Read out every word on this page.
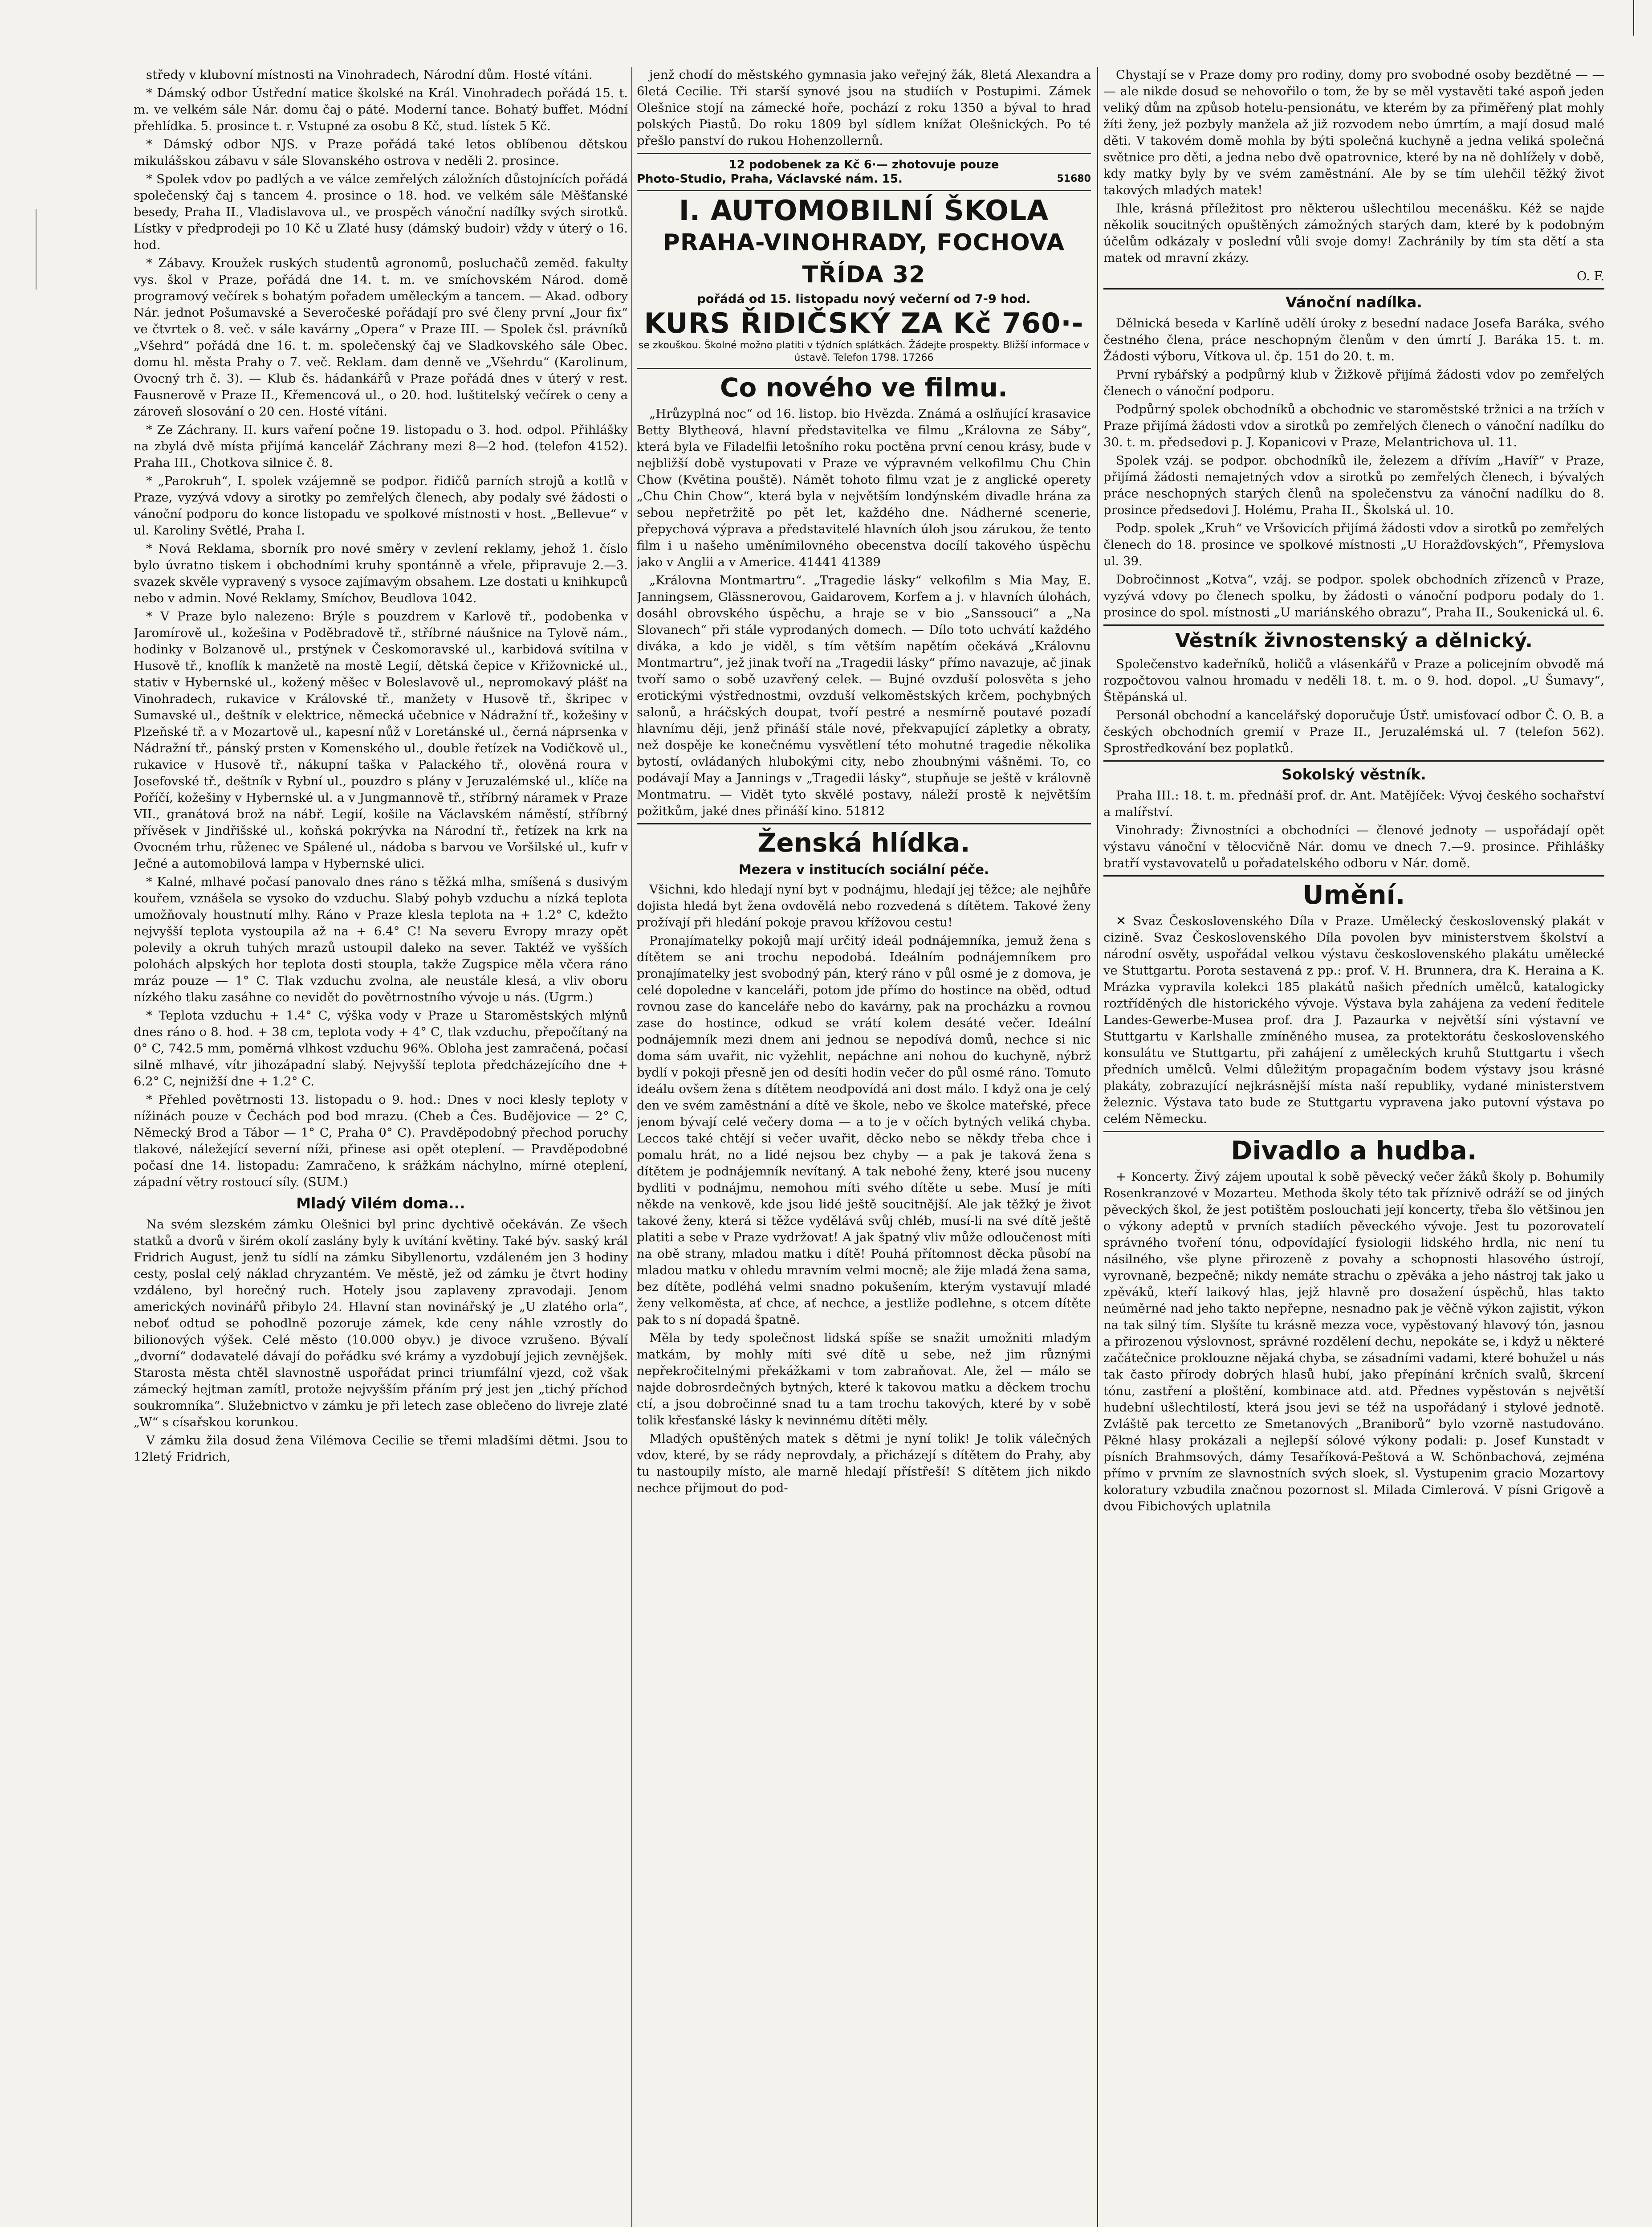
středy v klubovní místnosti na Vinohradech, Národní dům. Hosté vítáni.

* Dámský odbor Ústřední matice školské na Král. Vinohradech pořádá 15. t. m. ve velkém sále Nár. domu čaj o páté. Moderní tance. Bohatý buffet. Módní přehlídka. 5. prosince t. r. Vstupné za osobu 8 Kč, stud. lístek 5 Kč.

* Dámský odbor NJS. v Praze pořádá také letos oblíbenou dětskou mikulášskou zábavu v sále Slovanského ostrova v neděli 2. prosince.

* Spolek vdov po padlých a ve válce zemřelých záložních důstojnících pořádá společenský čaj s tancem 4. prosince o 18. hod. ve velkém sále Měšťanské besedy, Praha II., Vladislavova ul., ve prospěch vánoční nadílky svých sirotků. Lístky v předprodeji po 10 Kč u Zlaté husy (dámský budoir) vždy v úterý o 16. hod.

* Zábavy. Kroužek ruských studentů agronomů, posluchačů zeměd. fakulty vys. škol v Praze, pořádá dne 14. t. m. ve smíchovském Národ. domě programový večírek s bohatým pořadem uměleckým a tancem. — Akad. odbory Nár. jednot Pošumavské a Severočeské pořádají pro své členy první „Jour fix“ ve čtvrtek o 8. več. v sále kavárny „Opera“ v Praze III. — Spolek čsl. právníků „Všehrd“ pořádá dne 16. t. m. společenský čaj ve Sladkovského sále Obec. domu hl. města Prahy o 7. več. Reklam. dam denně ve „Všehrdu“ (Karolinum, Ovocný trh č. 3). — Klub čs. hádankářů v Praze pořádá dnes v úterý v rest. Fausnerově v Praze II., Křemencová ul., o 20. hod. luštitelský večírek o ceny a zároveň slosování o 20 cen. Hosté vítáni.

* Ze Záchrany. II. kurs vaření počne 19. listopadu o 3. hod. odpol. Přihlášky na zbylá dvě místa přijímá kancelář Záchrany mezi 8—2 hod. (telefon 4152). Praha III., Chotkova silnice č. 8.

* „Parokruh“, I. spolek vzájemně se podpor. řidičů parních strojů a kotlů v Praze, vyzývá vdovy a sirotky po zemřelých členech, aby podaly své žádosti o vánoční podporu do konce listopadu ve spolkové místnosti v host. „Bellevue“ v ul. Karoliny Světlé, Praha I.

* Nová Reklama, sborník pro nové směry v zevlení reklamy, jehož 1. číslo bylo úvratno tiskem i obchodními kruhy spontánně a vřele, připravuje 2.—3. svazek skvěle vypravený s vysoce zajímavým obsahem. Lze dostati u knihkupců nebo v admin. Nové Reklamy, Smíchov, Beudlova 1042.

* V Praze bylo nalezeno: Brýle s pouzdrem v Karlově tř., podobenka v Jaromírově ul., kožešina v Poděbradově tř., stříbrné náušnice na Tylově nám., hodinky v Bolzanově ul., prstýnek v Českomoravské ul., karbidová svítilna v Husově tř., knoflík k manžetě na mostě Legií, dětská čepice v Křižovnické ul., stativ v Hybernské ul., kožený měšec v Boleslavově ul., nepromokavý plášť na Vinohradech, rukavice v Královské tř., manžety v Husově tř., škripec v Sumavské ul., deštník v elektrice, německá učebnice v Nádražní tř., kožešiny v Plzeňské tř. a v Mozartově ul., kapesní nůž v Loretánské ul., černá náprsenka v Nádražní tř., pánský prsten v Komenského ul., double řetízek na Vodičkově ul., rukavice v Husově tř., nákupní taška v Palackého tř., olověná rourа v Josefovské tř., deštník v Rybní ul., pouzdro s plány v Jeruzalémské ul., klíče na Poříčí, kožešiny v Hybernské ul. a v Jungmannově tř., stříbrný náramek v Praze VII., granátová brož na nábř. Legií, košile na Václavském náměstí, stříbrný přívěsek v Jindřišské ul., koňská pokrývka na Národní tř., řetízek na krk na Ovocném trhu, růženec ve Spálené ul., nádoba s barvou ve Voršilské ul., kufr v Ječné a automobilová lampa v Hybernské ulici.

* Kalné, mlhavé počasí panovalo dnes ráno s těžká mlha, smíšená s dusivým kouřem, vznášela se vysoko do vzduchu. Slabý pohyb vzduchu a nízká teplota umožňovaly houstnutí mlhy. Ráno v Praze klesla teplota na + 1.2° C, kdežto nejvyšší teplota vystoupila až na + 6.4° C! Na severu Evropy mrazy opět polevily a okruh tuhých mrazů ustoupil daleko na sever. Taktéž ve vyšších polohách alpských hor teplota dosti stoupla, takže Zugspice měla včera ráno mráz pouze — 1° C. Tlak vzduchu zvolna, ale neustále klesá, a vliv oboru nízkého tlaku zasáhne co nevidět do povětrnostního vývoje u nás. (Ugrm.)

* Teplota vzduchu + 1.4° C, výška vody v Praze u Staroměstských mlýnů dnes ráno o 8. hod. + 38 cm, teplota vody + 4° C, tlak vzduchu, přepočítaný na 0° C, 742.5 mm, poměrná vlhkost vzduchu 96%. Obloha jest zamračená, počasí silně mlhavé, vítr jihozápadní slabý. Nejvyšší teplota předcházejícího dne + 6.2° C, nejnižší dne + 1.2° C.

* Přehled povětrnosti 13. listopadu o 9. hod.: Dnes v noci klesly teploty v nížinách pouze v Čechách pod bod mrazu. (Cheb a Čes. Budějovice — 2° C, Německý Brod a Tábor — 1° C, Praha 0° C). Pravděpodobný přechod poruchy tlakové, náležející severní níži, přinese asi opět oteplení. — Pravděpodobné počasí dne 14. listopadu: Zamračeno, k srážkám náchylno, mírné oteplení, západní větry rostoucí síly. (SUM.)

Mladý Vilém doma...

Na svém slezském zámku Olešnici byl princ dychtivě očekáván. Ze všech statků a dvorů v širém okolí zaslány byly k uvítání květiny. Také býv. saský král Fridrich August, jenž tu sídlí na zámku Sibyllenortu, vzdáleném jen 3 hodiny cesty, poslal celý náklad chryzantém. Ve městě, jež od zámku je čtvrt hodiny vzdáleno, byl horečný ruch. Hotely jsou zaplaveny zpravodaji. Jenom amerických novinářů přibylo 24. Hlavní stan novinářský je „U zlatého orla“, neboť odtud se pohodlně pozoruje zámek, kde ceny náhle vzrostly do bilionových výšek. Celé město (10.000 obyv.) je divoce vzrušeno. Bývalí „dvorní“ dodavatelé dávají do pořádku své krámy a vyzdobují jejich zevnějšek. Starosta města chtěl slavnostně uspořádat princi triumfální vjezd, což však zámecký hejtman zamítl, protože nejvyšším přáním prý jest jen „tichý příchod soukromníka“. Služebnictvo v zámku je při letech zase oblečeno do livreje zlaté „W“ s císařskou korunkou.

V zámku žila dosud žena Vilémova Cecilie se třemi mladšími dětmi. Jsou to 12letý Fridrich,

jenž chodí do městského gymnasia jako veřejný žák, 8letá Alexandra a 6letá Cecilie. Tři starší synové jsou na studiích v Postupimi. Zámek Olešnice stojí na zámecké hoře, pochází z roku 1350 a býval to hrad polských Piastů. Do roku 1809 byl sídlem knížat Olešnických. Po té přešlo panství do rukou Hohenzollernů.

12 podobenek za Kč 6·— zhotovuje pouze
Photo-Studio, Praha, Václavské nám. 15.	51680
I. AUTOMOBILNÍ ŠKOLA
PRAHA-VINOHRADY, FOCHOVA TŘÍDA 32
pořádá od 15. listopadu nový večerní od 7-9 hod.
KURS ŘIDIČSKÝ ZA Kč 760·-
se zkouškou. Školné možno platiti v týdních splátkách. Žádejte prospekty. Bližší informace v ústavě. Telefon 1798. 17266
Co nového ve filmu.

„Hrůzyplná noc“ od 16. listop. bio Hvězda. Známá a oslňující krasavice Betty Blytheová, hlavní představitelka ve filmu „Královna ze Sáby“, která byla ve Filadelfii letošního roku poctěna první cenou krásy, bude v nejbližší době vystupovati v Praze ve výpravném velkofilmu Chu Chin Chow (Květina pouště). Námět tohoto filmu vzat je z anglické operety „Chu Chin Chow“, která byla v největším londýnském divadle hrána za sebou nepřetržitě po pět let, každého dne. Nádherné scenerie, přepychová výprava a představitelé hlavních úloh jsou zárukou, že tento film i u našeho uměnímilovného obecenstva docílí takového úspěchu jako v Anglii a v Americe. 41441 41389

„Královna Montmartru“. „Tragedie lásky“ velkofilm s Mia May, E. Janningsem, Glässnerovou, Gaidarovem, Korfem a j. v hlavních úlohách, dosáhl obrovského úspěchu, a hraje se v bio „Sanssouci“ a „Na Slovanech“ při stále vyprodaných domech. — Dílo toto uchvátí každého diváka, a kdo je viděl, s tím větším napětím očekává „Královnu Montmartru“, jež jinak tvoří na „Tragedii lásky“ přímo navazuje, ač jinak tvoří samo o sobě uzavřený celek. — Bujné ovzduší polosvěta s jeho erotickými výstřednostmi, ovzduší velkoměstských krčem, pochybných salonů, a hráčských doupat, tvoří pestré a nesmírně poutavé pozadí hlavnímu ději, jenž přináší stále nové, překvapující zápletky a obraty, než dospěje ke konečnému vysvětlení této mohutné tragedie několika bytostí, ovládaných hlubokými city, nebo zhoubnými vášněmi. To, co podávají May a Jannings v „Tragedii lásky“, stupňuje se ještě v královně Montmatru. — Vidět tyto skvělé postavy, náleží prostě k největším požitkům, jaké dnes přináší kino. 51812

Ženská hlídka.
Mezera v institucích sociální péče.

Všichni, kdo hledají nyní byt v podnájmu, hledají jej těžce; ale nejhůře dojista hledá byt žena ovdovělá nebo rozvedená s dítětem. Takové ženy prožívají při hledání pokoje pravou křížovou cestu!

Pronajímatelky pokojů mají určitý ideál podnájemníka, jemuž žena s dítětem se ani trochu nepodobá. Ideálním podnájemníkem pro pronajímatelky jest svobodný pán, který ráno v půl osmé je z domova, je celé dopoledne v kanceláři, potom jde přímo do hostince na oběd, odtud rovnou zase do kanceláře nebo do kavárny, pak na procházku a rovnou zase do hostince, odkud se vrátí kolem desáté večer. Ideální podnájemník mezi dnem ani jednou se nepodívá domů, nechce si nic doma sám uvařit, nic vyžehlit, nepáchne ani nohou do kuchyně, nýbrž bydlí v pokoji přesně jen od desíti hodin večer do půl osmé ráno. Tomuto ideálu ovšem žena s dítětem neodpovídá ani dost málo. I když ona je celý den ve svém zaměstnání a dítě ve škole, nebo ve školce mateřské, přece jenom bývají celé večery doma — a to je v očích bytných veliká chyba. Leccos také chtějí si večer uvařit, děcko nebo se někdy třeba chce i pomalu hrát, no a lidé nejsou bez chyby — a pak je taková žena s dítětem je podnájemník nevítaný. A tak nebohé ženy, které jsou nuceny bydliti v podnájmu, nemohou míti svého dítěte u sebe. Musí je míti někde na venkově, kde jsou lidé ještě soucitnější. Ale jak těžký je život takové ženy, která si těžce vydělává svůj chléb, musí-li na své dítě ještě platiti a sebe v Praze vydržovat! A jak špatný vliv může odloučenost míti na obě strany, mladou matku i dítě! Pouhá přítomnost děcka působí na mladou matku v ohledu mravním velmi mocně; ale žije mladá žena sama, bez dítěte, podléhá velmi snadno pokušením, kterým vystavují mladé ženy velkoměsta, ať chce, ať nechce, a jestliže podlehne, s otcem dítěte pak to s ní dopadá špatně.

Měla by tedy společnost lidská spíše se snažit umožniti mladým matkám, by mohly míti své dítě u sebe, než jim různými nepřekročitelnými překážkami v tom zabraňovat. Ale, žel — málo se najde dobrosrdečných bytných, které k takovou matku a děckem trochu ctí, a jsou dobročinné snad tu a tam trochu takových, které by v sobě tolik křesťanské lásky k nevinnému dítěti měly.

Mladých opuštěných matek s dětmi je nyní tolik! Je tolik válečných vdov, které, by se rády neprovdaly, a přicházejí s dítětem do Prahy, aby tu nastoupily místo, ale marně hledají přístřeší! S dítětem jich nikdo nechce přijmout do pod-

Chystají se v Praze domy pro rodiny, domy pro svobodné osoby bezdětné — — — ale nikde dosud se nehovořilo o tom, že by se měl vystavěti také aspoň jeden veliký dům na způsob hotelu-pensionátu, ve kterém by za přiměřený plat mohly žíti ženy, jež pozbyly manžela až již rozvodem nebo úmrtím, a mají dosud malé děti. V takovém domě mohla by býti společná kuchyně a jedna veliká společná světnice pro děti, a jedna nebo dvě opatrovnice, které by na ně dohlížely v době, kdy matky byly by ve svém zaměstnání. Ale by se tím ulehčil těžký život takových mladých matek!

Ihle, krásná příležitost pro některou ušlechtilou mecenášku. Kéž se najde několik soucitných opuštěných zámožných starých dam, které by k podobným účelům odkázaly v poslední vůli svoje domy! Zachránily by tím sta dětí a sta matek od mravní zkázy.

O. F.
Vánoční nadílka.

Dělnická beseda v Karlíně udělí úroky z besední nadace Josefa Baráka, svého čestného člena, práce neschopným členům v den úmrtí J. Baráka 15. t. m. Žádosti výboru, Vítkova ul. čp. 151 do 20. t. m.

První rybářský a podpůrný klub v Žižkově přijímá žádosti vdov po zemřelých členech o vánoční podporu.

Podpůrný spolek obchodníků a obchodnic ve staroměstské tržnici a na tržích v Praze přijímá žádosti vdov a sirotků po zemřelých členech o vánoční nadílku do 30. t. m. předsedovi p. J. Kopanicovi v Praze, Melantrichova ul. 11.

Spolek vzáj. se podpor. obchodníků ile, železem a dřívím „Havíř“ v Praze, přijímá žádosti nemajetných vdov a sirotků po zemřelých členech, i bývalých práce neschopných starých členů na společenstvu za vánoční nadílku do 8. prosince předsedovi J. Holému, Praha II., Školská ul. 10.

Podp. spolek „Kruh“ ve Vršovicích přijímá žádosti vdov a sirotků po zemřelých členech do 18. prosince ve spolkové místnosti „U Horažďovských“, Přemyslova ul. 39.

Dobročinnost „Kotva“, vzáj. se podpor. spolek obchodních zřízenců v Praze, vyzývá vdovy po členech spolku, by žádosti o vánoční podporu podaly do 1. prosince do spol. místnosti „U mariánského obrazu“, Praha II., Soukenická ul. 6.

Věstník živnostenský a dělnický.

Společenstvo kadeřníků, holičů a vlásenkářů v Praze a policejním obvodě má rozpočtovou valnou hromadu v neděli 18. t. m. o 9. hod. dopol. „U Šumavy“, Štěpánská ul.

Personál obchodní a kancelářský doporučuje Ústř. umisťovací odbor Č. O. B. a českých obchodních gremií v Praze II., Jeruzalémská ul. 7 (telefon 562). Sprostředkování bez poplatků.

Sokolský věstník.

Praha III.: 18. t. m. přednáší prof. dr. Ant. Matějíček: Vývoj českého sochařství a malířství.

Vinohrady: Živnostníci a obchodníci — členové jednoty — uspořádají opět výstavu vánoční v tělocvičně Nár. domu ve dnech 7.—9. prosince. Přihlášky bratří vystavovatelů u pořadatelského odboru v Nár. domě.

Umění.

✕ Svaz Československého Díla v Praze. Umělecký československý plakát v cizině. Svaz Československého Díla povolen byv ministerstvem školství a národní osvěty, uspořádal velkou výstavu československého plakátu umělecké ve Stuttgartu. Porota sestavená z pp.: prof. V. H. Brunnera, dra K. Heraina a K. Mrázka vypravila kolekci 185 plakátů našich předních umělců, katalogicky roztříděných dle historického vývoje. Výstava byla zahájena za vedení ředitele Landes-Gewerbe-Musea prof. dra J. Pazaurka v největší síni výstavní ve Stuttgartu v Karlshalle zmíněného musea, za protektorátu československého konsulátu ve Stuttgartu, při zahájení z uměleckých kruhů Stuttgartu i všech předních umělců. Velmi důležitým propagačním bodem výstavy jsou krásné plakáty, zobrazující nejkrásnější místa naší republiky, vydané ministerstvem železnic. Výstava tato bude ze Stuttgartu vypravena jako putovní výstava po celém Německu.

Divadlo a hudba.

+ Koncerty. Živý zájem upoutal k sobě pěvecký večer žáků školy p. Bohumily Rosenkranzové v Mozarteu. Methoda školy této tak příznivě odráží se od jiných pěveckých škol, že jest potištěm poslouchati její koncerty, třeba šlo většinou jen o výkony adeptů v prvních stadiích pěveckého vývoje. Jest tu pozorovatelí správného tvoření tónu, odpovídající fysiologii lidského hrdla, nic není tu násilného, vše plyne přirozeně z povahy a schopnosti hlasového ústrojí, vyrovnaně, bezpečně; nikdy nemáte strachu o zpěváka a jeho nástroj tak jako u zpěváků, kteří laikový hlas, jejž hlavně pro dosažení úspěchů, hlas takto neúměrné nad jeho takto nepřepne, nesnadno pak je věčně výkon zajistit, výkon na tak silný tím. Slyšíte tu krásně mezza voce, vypěstovaný hlavový tón, jasnou a přirozenou výslovnost, správné rozdělení dechu, nepokáte se, i když u některé začátečnice proklouzne nějaká chyba, se zásadními vadami, které bohužel u nás tak často přírody dobrých hlasů hubí, jako přepínání krčních svalů, škrcení tónu, zastření a ploštění, kombinace atd. atd. Přednes vypěstován s největší hudební ušlechtilostí, která jsou jevi se též na uspořádaný i stylové jednotě. Zvláště pak tercetto ze Smetanových „Braniborů“ bylo vzorně nastudováno. Pěkné hlasy prokázali a nejlepší sólové výkony podali: p. Josef Kunstadt v písních Brahmsových, dámy Tesaříková-Peštová a W. Schönbachová, zejména přímo v prvním ze slavnostních svých sloek, sl. Vystupenim gracio Mozartovy koloratury vzbudila značnou pozornost sl. Milada Cimlerová. V písni Grigově a dvou Fibichových uplatnila
